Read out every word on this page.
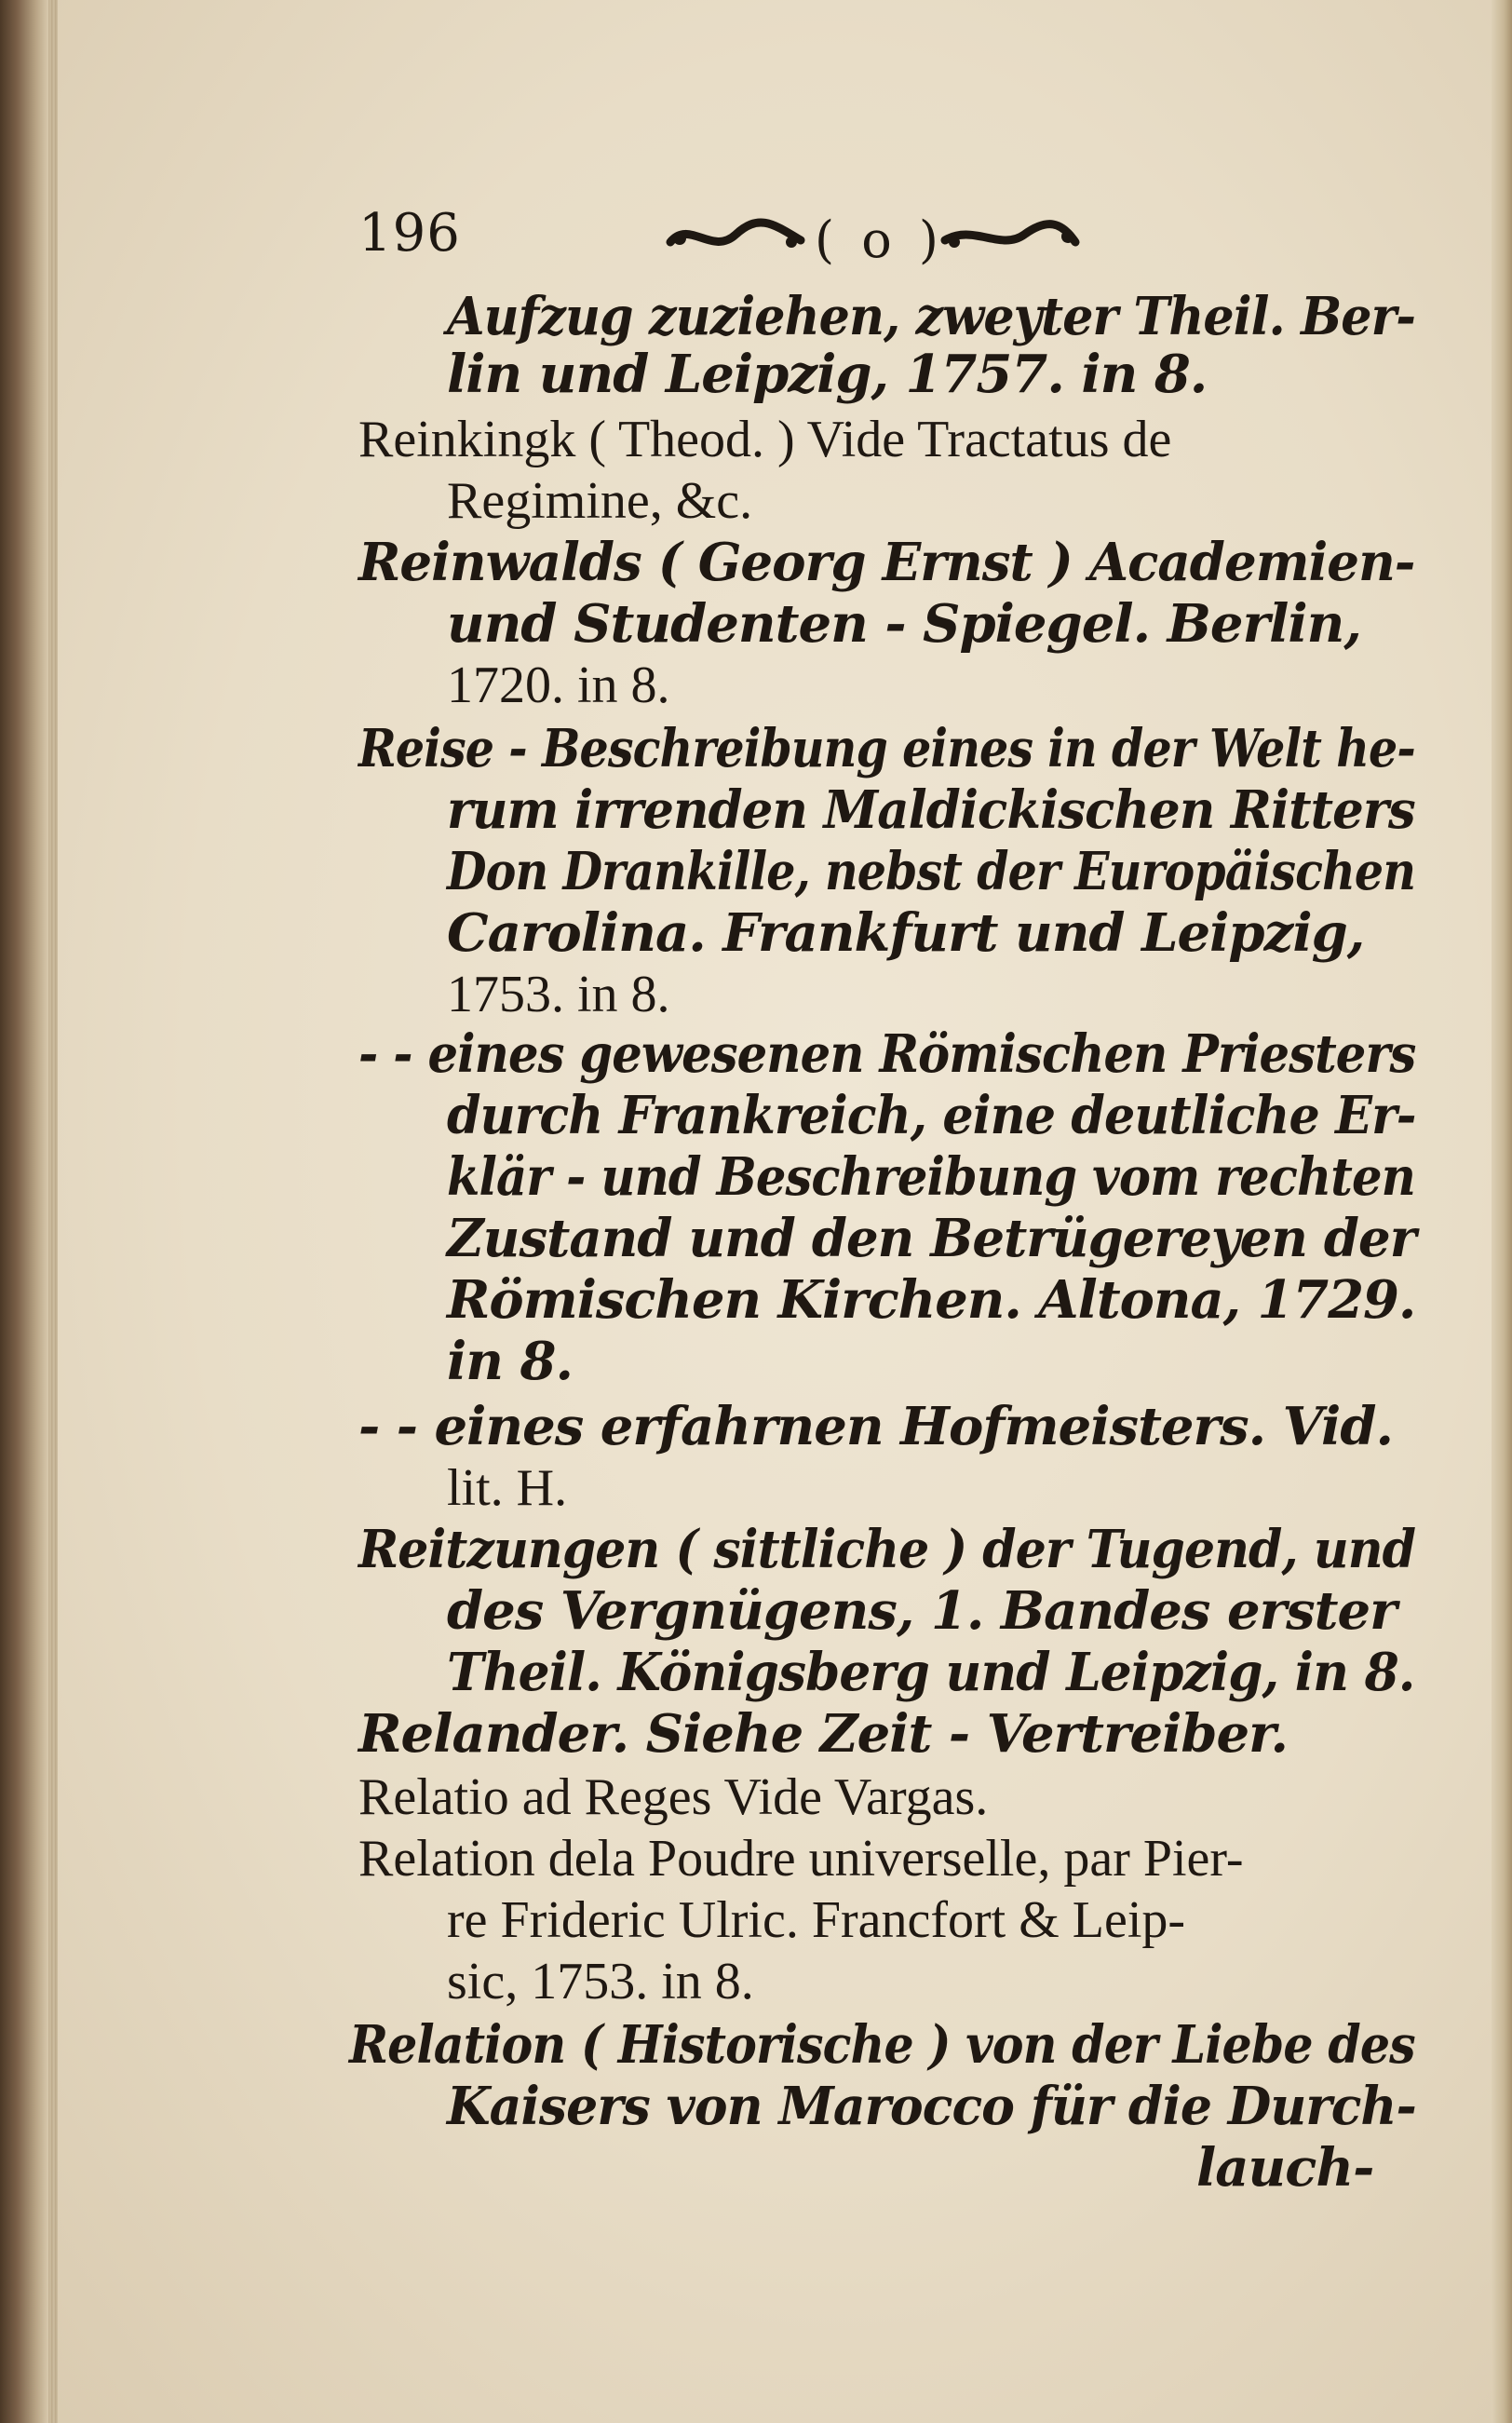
196	( o )
Aufzug zuziehen, zweyter Theil. Ber-
lin und Leipzig, 1757. in 8.
Reinkingk ( Theod. ) Vide Tractatus de
Regimine, &c.
Reinwalds ( Georg Ernst ) Academien-
und Studenten - Spiegel. Berlin,
1720. in 8.
Reise - Beschreibung eines in der Welt he-
rum irrenden Maldickischen Ritters
Don Drankille, nebst der Europäischen
Carolina. Frankfurt und Leipzig,
1753. in 8.
- - eines gewesenen Römischen Priesters
durch Frankreich, eine deutliche Er-
klär - und Beschreibung vom rechten
Zustand und den Betrügereyen der
Römischen Kirchen. Altona, 1729.
in 8.
- - eines erfahrnen Hofmeisters. Vid.
lit. H.
Reitzungen ( sittliche ) der Tugend, und
des Vergnügens, 1. Bandes erster
Theil. Königsberg und Leipzig, in 8.
Relander. Siehe Zeit - Vertreiber.
Relatio ad Reges Vide Vargas.
Relation dela Poudre universelle, par Pier-
re Frideric Ulric. Francfort & Leip-
sic, 1753. in 8.
Relation ( Historische ) von der Liebe des
Kaisers von Marocco für die Durch-
lauch-
